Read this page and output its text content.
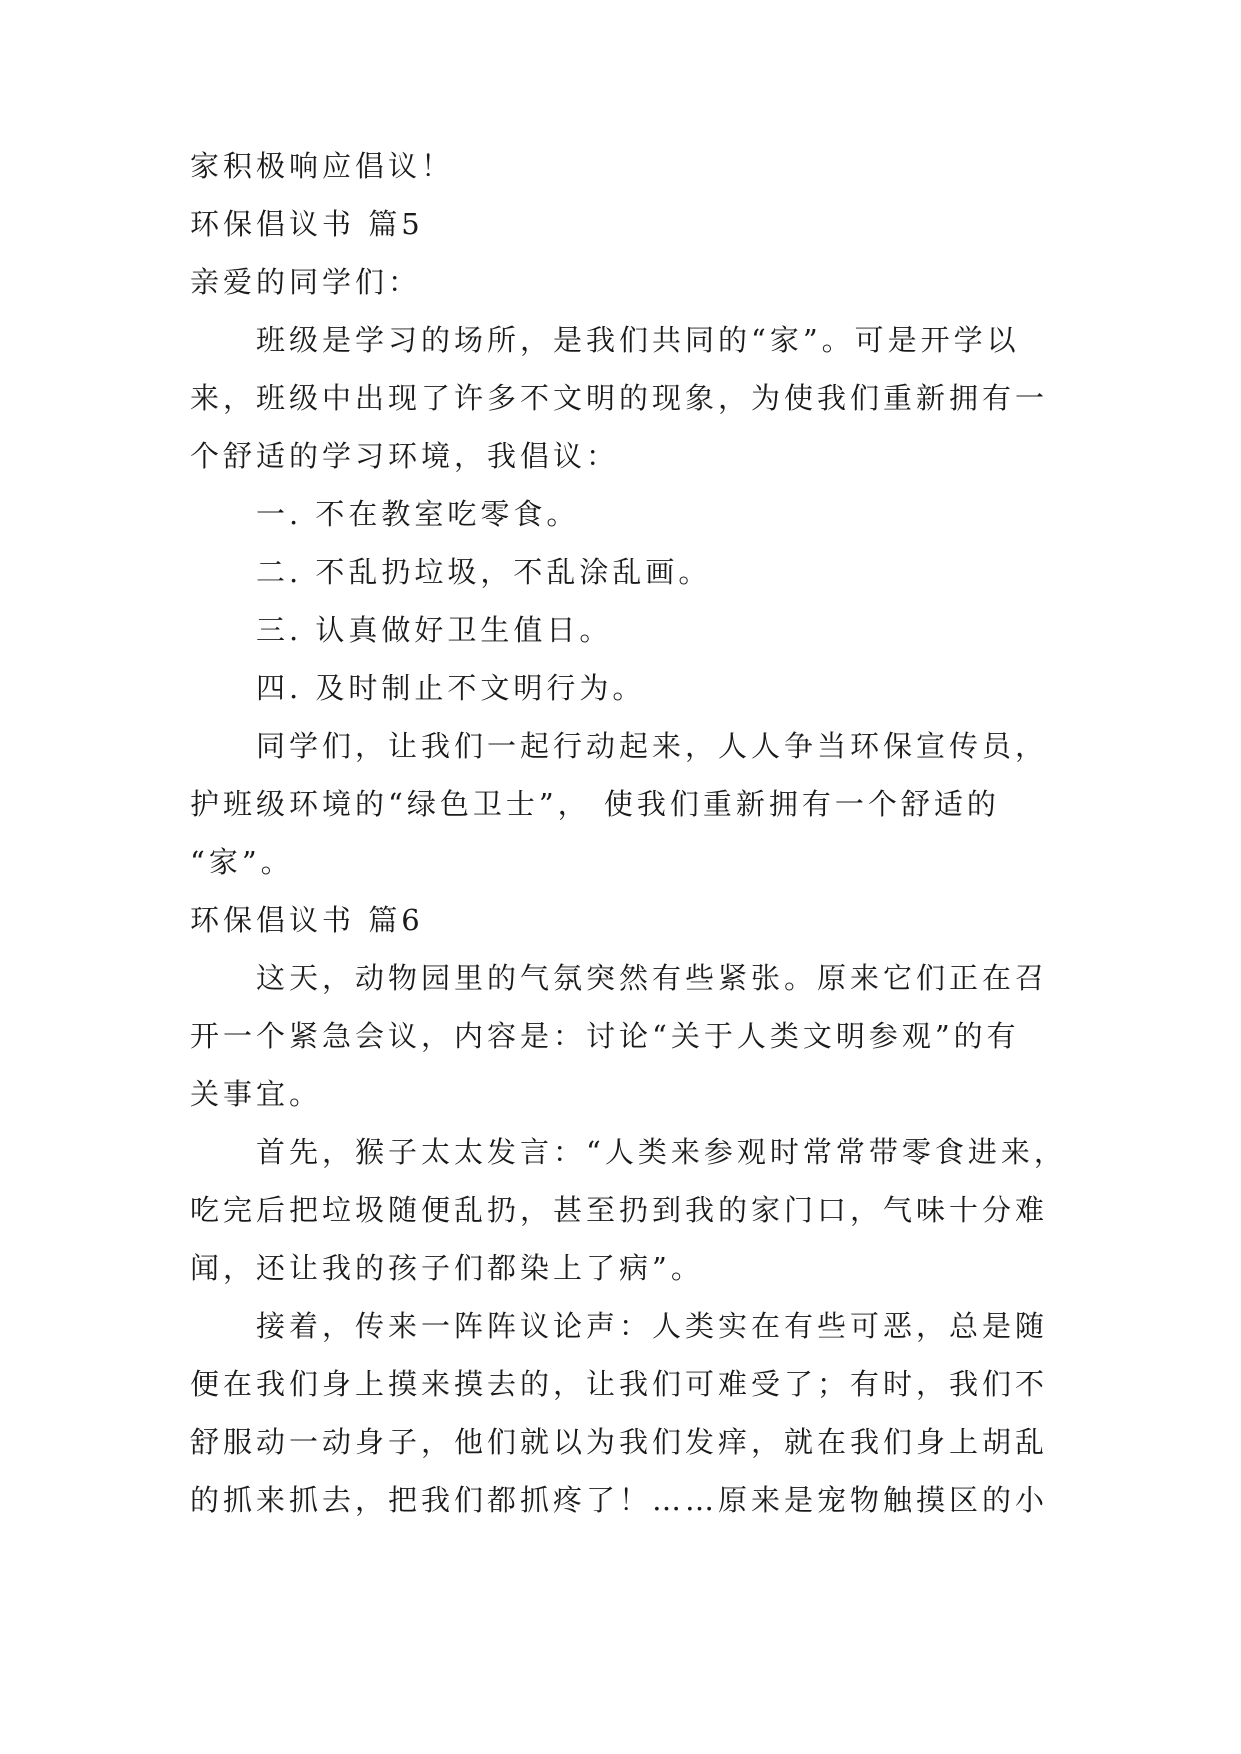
家积极响应倡议！
环保倡议书 篇5
亲爱的同学们：
班级是学习的场所，是我们共同的“家”。可是开学以
来，班级中出现了许多不文明的现象，为使我们重新拥有一
个舒适的学习环境，我倡议：
一. 不在教室吃零食。
二. 不乱扔垃圾，不乱涂乱画。
三. 认真做好卫生值日。
四. 及时制止不文明行为。
同学们，让我们一起行动起来，人人争当环保宣传员，
护班级环境的“绿色卫士”， 使我们重新拥有一个舒适的
“家”。
环保倡议书 篇6
这天，动物园里的气氛突然有些紧张。原来它们正在召
开一个紧急会议，内容是：讨论“关于人类文明参观”的有
关事宜。
首先，猴子太太发言：“人类来参观时常常带零食进来，
吃完后把垃圾随便乱扔，甚至扔到我的家门口，气味十分难
闻，还让我的孩子们都染上了病”。
接着，传来一阵阵议论声：人类实在有些可恶，总是随
便在我们身上摸来摸去的，让我们可难受了；有时，我们不
舒服动一动身子，他们就以为我们发痒，就在我们身上胡乱
的抓来抓去，把我们都抓疼了！……原来是宠物触摸区的小
